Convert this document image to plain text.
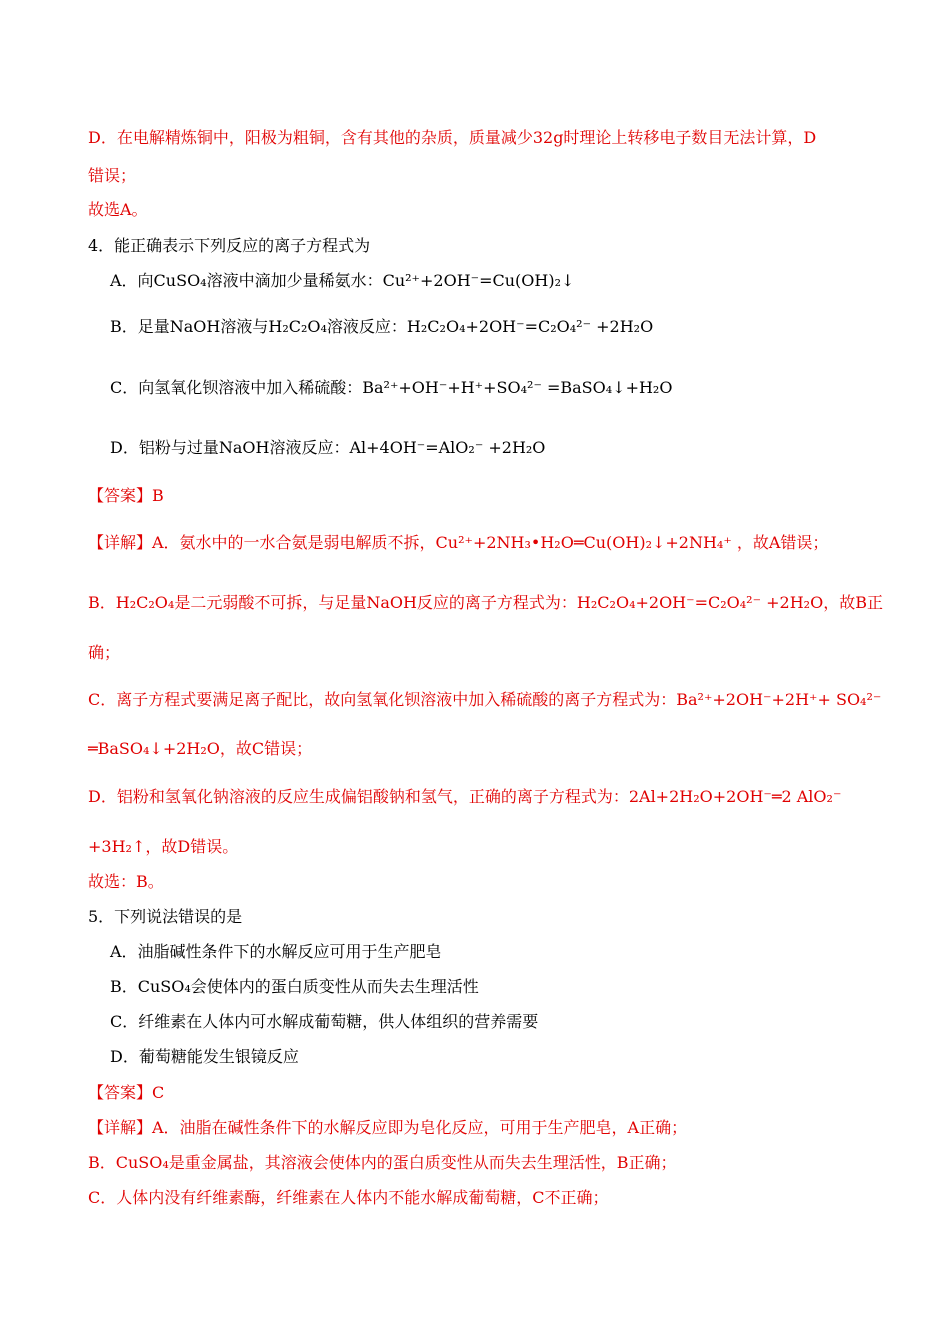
D．在电解精炼铜中，阳极为粗铜，含有其他的杂质，质量减少32g时理论上转移电子数目无法计算，D
错误；
故选A。
4．能正确表示下列反应的离子方程式为
A．向CuSO₄溶液中滴加少量稀氨水：Cu²⁺+2OH⁻=Cu(OH)₂↓
B．足量NaOH溶液与H₂C₂O₄溶液反应：H₂C₂O₄+2OH⁻=C₂O₄²⁻ +2H₂O
C．向氢氧化钡溶液中加入稀硫酸：Ba²⁺+OH⁻+H⁺+SO₄²⁻ =BaSO₄↓+H₂O
D．铝粉与过量NaOH溶液反应：Al+4OH⁻=AlO₂⁻ +2H₂O
【答案】B
【详解】A．氨水中的一水合氨是弱电解质不拆，Cu²⁺+2NH₃•H₂O═Cu(OH)₂↓+2NH₄⁺ ，故A错误；
B．H₂C₂O₄是二元弱酸不可拆，与足量NaOH反应的离子方程式为：H₂C₂O₄+2OH⁻=C₂O₄²⁻ +2H₂O，故B正
确；
C．离子方程式要满足离子配比，故向氢氧化钡溶液中加入稀硫酸的离子方程式为：Ba²⁺+2OH⁻+2H⁺+ SO₄²⁻
═BaSO₄↓+2H₂O，故C错误；
D．铝粉和氢氧化钠溶液的反应生成偏铝酸钠和氢气，正确的离子方程式为：2Al+2H₂O+2OH⁻═2 AlO₂⁻
+3H₂↑，故D错误。
故选：B。
5．下列说法错误的是
A．油脂碱性条件下的水解反应可用于生产肥皂
B．CuSO₄会使体内的蛋白质变性从而失去生理活性
C．纤维素在人体内可水解成葡萄糖，供人体组织的营养需要
D．葡萄糖能发生银镜反应
【答案】C
【详解】A．油脂在碱性条件下的水解反应即为皂化反应，可用于生产肥皂，A正确；
B．CuSO₄是重金属盐，其溶液会使体内的蛋白质变性从而失去生理活性，B正确；
C．人体内没有纤维素酶，纤维素在人体内不能水解成葡萄糖，C不正确；
